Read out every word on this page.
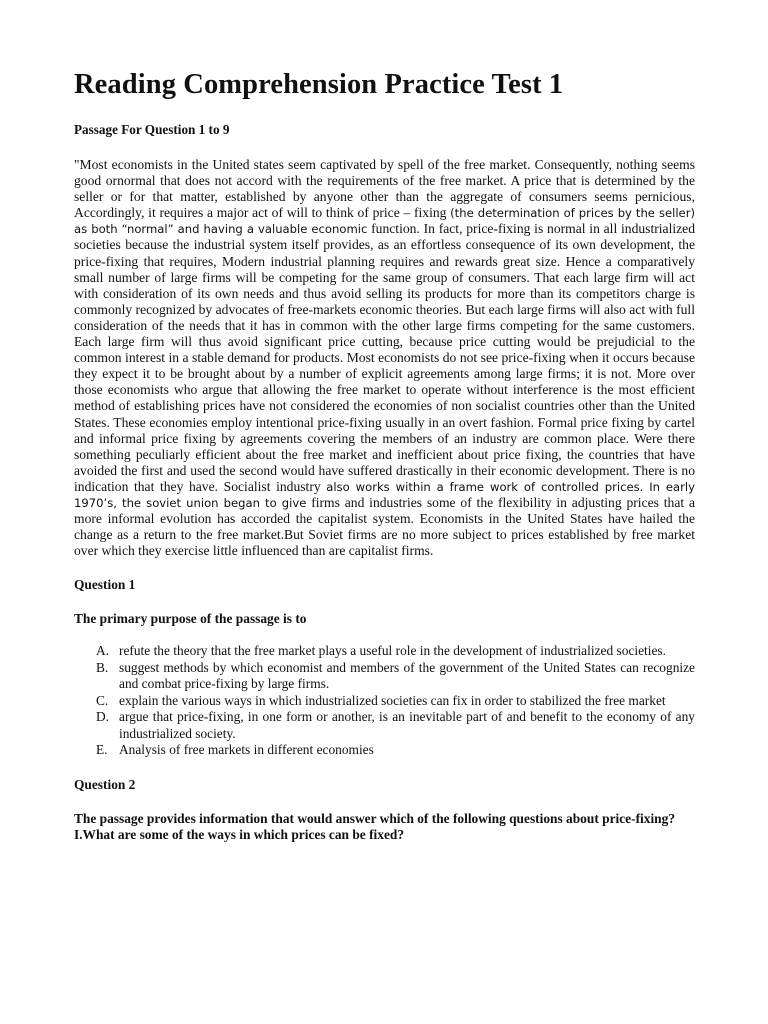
Reading Comprehension Practice Test 1

Passage For Question 1 to 9

"Most economists in the United states seem captivated by spell of the free market. Consequently, nothing seems good ornormal that does not accord with the requirements of the free market. A price that is determined by the seller or for that matter, established by anyone other than the aggregate of consumers seems pernicious, Accordingly, it requires a major act of will to think of price – fixing (the determination of prices by the seller) as both “normal” and having a valuable economic function. In fact, price-fixing is normal in all industrialized societies because the industrial system itself provides, as an effortless consequence of its own development, the price-fixing that requires, Modern industrial planning requires and rewards great size. Hence a comparatively small number of large firms will be competing for the same group of consumers. That each large firm will act with consideration of its own needs and thus avoid selling its products for more than its competitors charge is commonly recognized by advocates of free-markets economic theories. But each large firms will also act with full consideration of the needs that it has in common with the other large firms competing for the same customers. Each large firm will thus avoid significant price cutting, because price cutting would be prejudicial to the common interest in a stable demand for products. Most economists do not see price-fixing when it occurs because they expect it to be brought about by a number of explicit agreements among large firms; it is not. More over those economists who argue that allowing the free market to operate without interference is the most efficient method of establishing prices have not considered the economies of non socialist countries other than the United States. These economies employ intentional price-fixing usually in an overt fashion. Formal price fixing by cartel and informal price fixing by agreements covering the members of an industry are common place. Were there something peculiarly efficient about the free market and inefficient about price fixing, the countries that have avoided the first and used the second would have suffered drastically in their economic development. There is no indication that they have. Socialist industry also works within a frame work of controlled prices. In early 1970’s, the soviet union began to give firms and industries some of the flexibility in adjusting prices that a more informal evolution has accorded the capitalist system. Economists in the United States have hailed the change as a return to the free market.But Soviet firms are no more subject to prices established by free market over which they exercise little influenced than are capitalist firms.

Question 1

The primary purpose of the passage is to

A. refute the theory that the free market plays a useful role in the development of industrialized societies.
B. suggest methods by which economist and members of the government of the United States can recognize and combat price-fixing by large firms.
C. explain the various ways in which industrialized societies can fix in order to stabilized the free market
D. argue that price-fixing, in one form or another, is an inevitable part of and benefit to the economy of any industrialized society.
E. Analysis of free markets in different economies

Question 2

The passage provides information that would answer which of the following questions about price-fixing?

I.What are some of the ways in which prices can be fixed?
